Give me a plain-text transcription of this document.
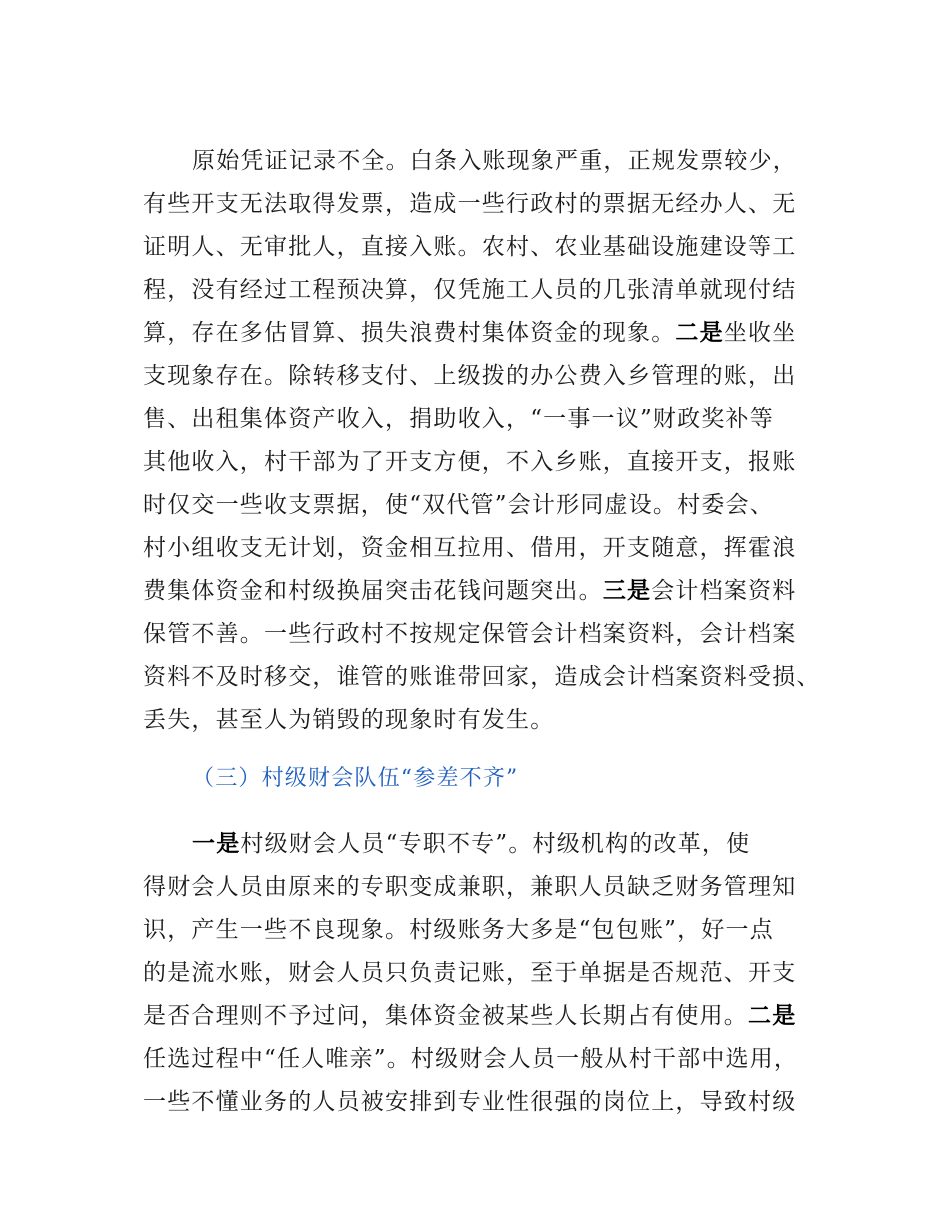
原始凭证记录不全。白条入账现象严重，正规发票较少，
有些开支无法取得发票，造成一些行政村的票据无经办人、无
证明人、无审批人，直接入账。农村、农业基础设施建设等工
程，没有经过工程预决算，仅凭施工人员的几张清单就现付结
算，存在多估冒算、损失浪费村集体资金的现象。二是坐收坐
支现象存在。除转移支付、上级拨的办公费入乡管理的账，出
售、出租集体资产收入，捐助收入，“一事一议”财政奖补等
其他收入，村干部为了开支方便，不入乡账，直接开支，报账
时仅交一些收支票据，使“双代管”会计形同虚设。村委会、
村小组收支无计划，资金相互拉用、借用，开支随意，挥霍浪
费集体资金和村级换届突击花钱问题突出。三是会计档案资料
保管不善。一些行政村不按规定保管会计档案资料，会计档案
资料不及时移交，谁管的账谁带回家，造成会计档案资料受损、
丢失，甚至人为销毁的现象时有发生。
（三）村级财会队伍“参差不齐”
一是村级财会人员“专职不专”。村级机构的改革，使
得财会人员由原来的专职变成兼职，兼职人员缺乏财务管理知
识，产生一些不良现象。村级账务大多是“包包账”，好一点
的是流水账，财会人员只负责记账，至于单据是否规范、开支
是否合理则不予过问，集体资金被某些人长期占有使用。二是
任选过程中“任人唯亲”。村级财会人员一般从村干部中选用，
一些不懂业务的人员被安排到专业性很强的岗位上，导致村级
